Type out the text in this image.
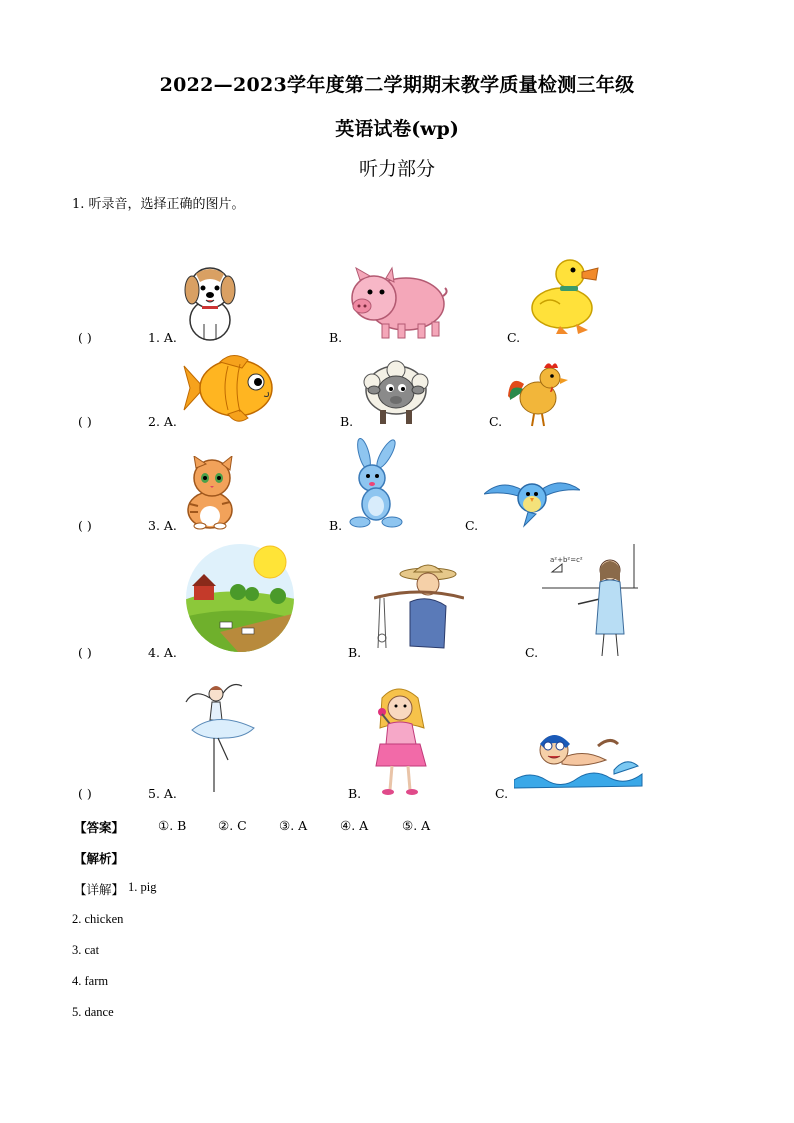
2022—2023学年度第二学期期末教学质量检测三年级
英语试卷(wp)
听力部分
1. 听录音，选择正确的图片。
( )	1. A.	B.	C.
( )	2. A.	B.	C.
( )	3. A.	B.	C.
( )	4. A.	B.	C.
a²+b²=c²
( )	5. A.	B.	C.
【答案】	①. B	②. C	③. A	④. A	⑤. A
【解析】
【详解】 1. pig
2. chicken
3. cat
4. farm
5. dance
